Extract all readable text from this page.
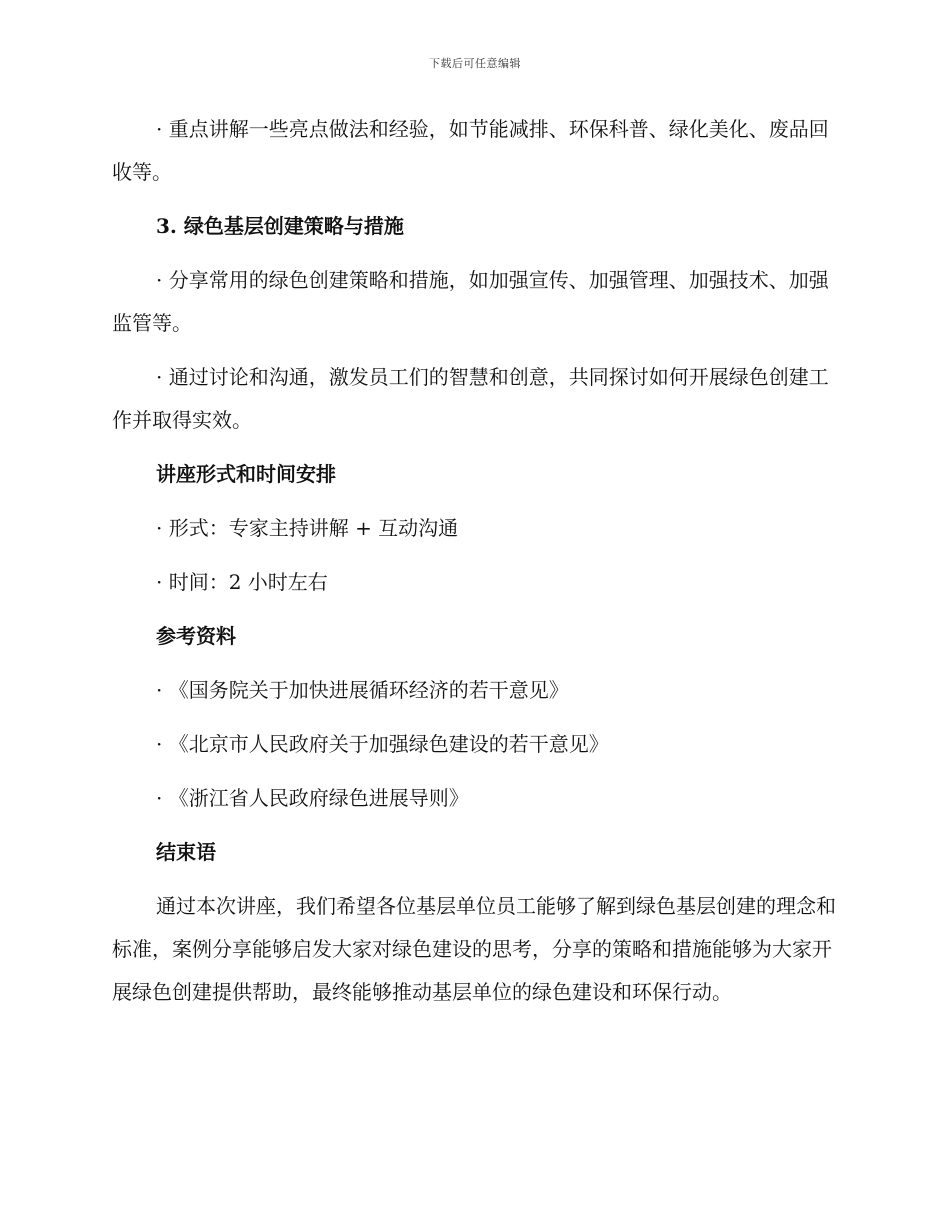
下载后可任意编辑

· 重点讲解一些亮点做法和经验，如节能减排、环保科普、绿化美化、废品回收等。

3. 绿色基层创建策略与措施

· 分享常用的绿色创建策略和措施，如加强宣传、加强管理、加强技术、加强监管等。

· 通过讨论和沟通，激发员工们的智慧和创意，共同探讨如何开展绿色创建工作并取得实效。

讲座形式和时间安排

· 形式：专家主持讲解 + 互动沟通

· 时间：2 小时左右

参考资料

· 《国务院关于加快进展循环经济的若干意见》

· 《北京市人民政府关于加强绿色建设的若干意见》

· 《浙江省人民政府绿色进展导则》

结束语

通过本次讲座，我们希望各位基层单位员工能够了解到绿色基层创建的理念和标准，案例分享能够启发大家对绿色建设的思考，分享的策略和措施能够为大家开展绿色创建提供帮助，最终能够推动基层单位的绿色建设和环保行动。
